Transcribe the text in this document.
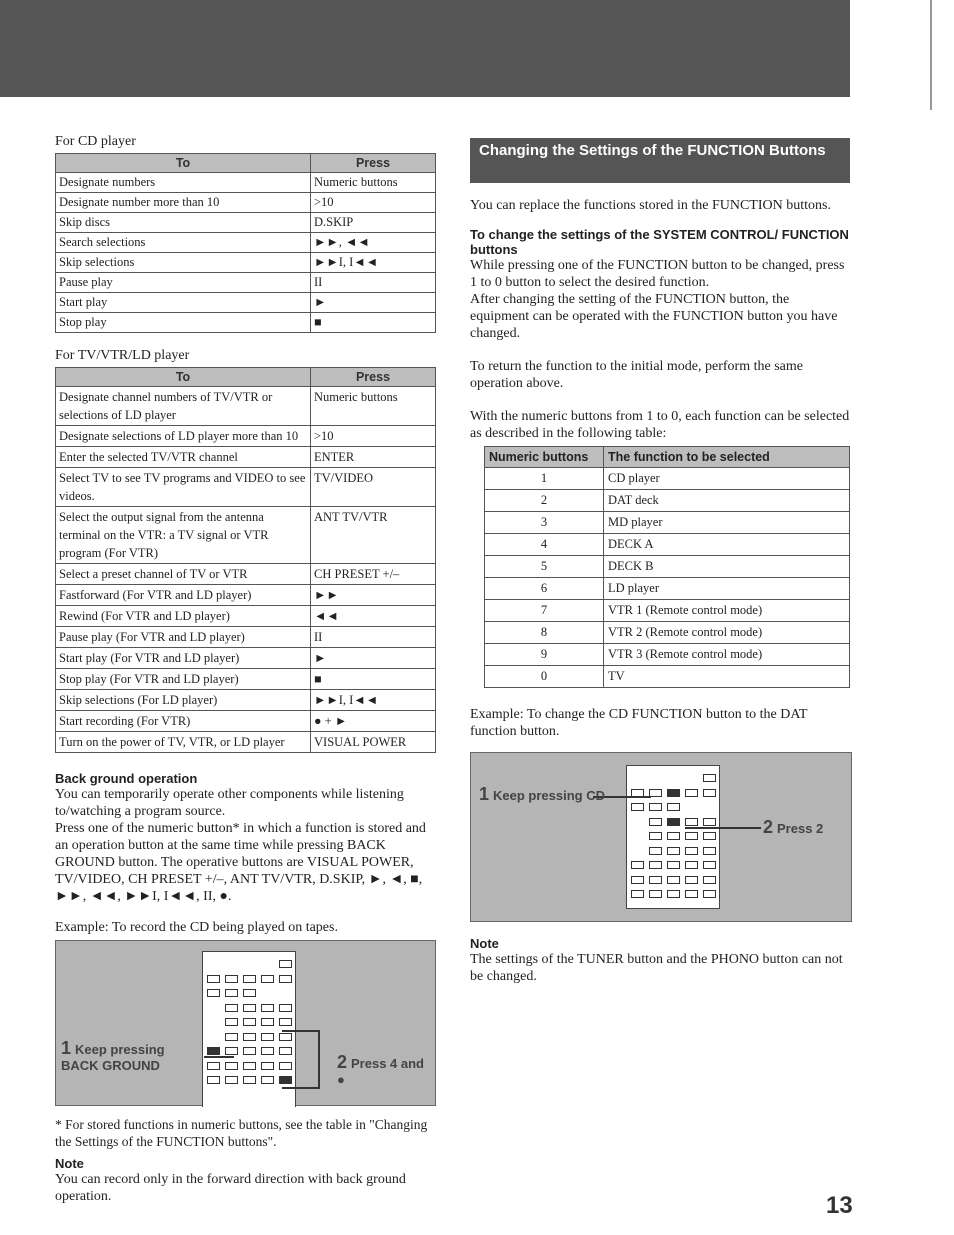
For CD player
To	Press
Designate numbers	Numeric buttons
Designate number more than 10	>10
Skip discs	D.SKIP
Search selections	►►, ◄◄
Skip selections	►►I, I◄◄
Pause play	II
Start play	►
Stop play	■
For TV/VTR/LD player
To	Press
Designate channel numbers of TV/VTR or selections of LD player	Numeric buttons
Designate selections of LD player more than 10	>10
Enter the selected TV/VTR channel	ENTER
Select TV to see TV programs and VIDEO to see videos.	TV/VIDEO
Select the output signal from the antenna terminal on the VTR: a TV signal or VTR program (For VTR)	ANT TV/VTR
Select a preset channel of TV or VTR	CH PRESET +/–
Fastforward (For VTR and LD player)	►►
Rewind (For VTR and LD player)	◄◄
Pause play (For VTR and LD player)	II
Start play (For VTR and LD player)	►
Stop play (For VTR and LD player)	■
Skip selections (For LD player)	►►I, I◄◄
Start recording (For VTR)	● + ►
Turn on the power of TV, VTR, or LD player	VISUAL POWER
Back ground operation

You can temporarily operate other components while listening to/watching a program source.

Press one of the numeric button* in which a function is stored and an operation button at the same time while pressing BACK GROUND button. The operative buttons are VISUAL POWER, TV/VIDEO, CH PRESET +/–, ANT TV/VTR, D.SKIP, ►, ◄, ■, ►►, ◄◄, ►►I, I◄◄, II, ●.

Example: To record the CD being played on tapes.

1 Keep pressing BACK GROUND	2 Press 4 and ●

* For stored functions in numeric buttons, see the table in "Changing the Settings of the FUNCTION buttons".

Note

You can record only in the forward direction with back ground operation.

Changing the Settings of the FUNCTION Buttons

You can replace the functions stored in the FUNCTION buttons.

To change the settings of the SYSTEM CONTROL/ FUNCTION buttons

While pressing one of the FUNCTION button to be changed, press 1 to 0 button to select the desired function.

After changing the setting of the FUNCTION button, the equipment can be operated with the FUNCTION button you have changed.

To return the function to the initial mode, perform the same operation above.

With the numeric buttons from 1 to 0, each function can be selected as described in the following table:

Numeric buttons	The function to be selected
1	CD player
2	DAT deck
3	MD player
4	DECK A
5	DECK B
6	LD player
7	VTR 1 (Remote control mode)
8	VTR 2 (Remote control mode)
9	VTR 3 (Remote control mode)
0	TV

Example: To change the CD FUNCTION button to the DAT function button.

1 Keep pressing CD
2 Press 2
Note

The settings of the TUNER button and the PHONO button can not be changed.

13
